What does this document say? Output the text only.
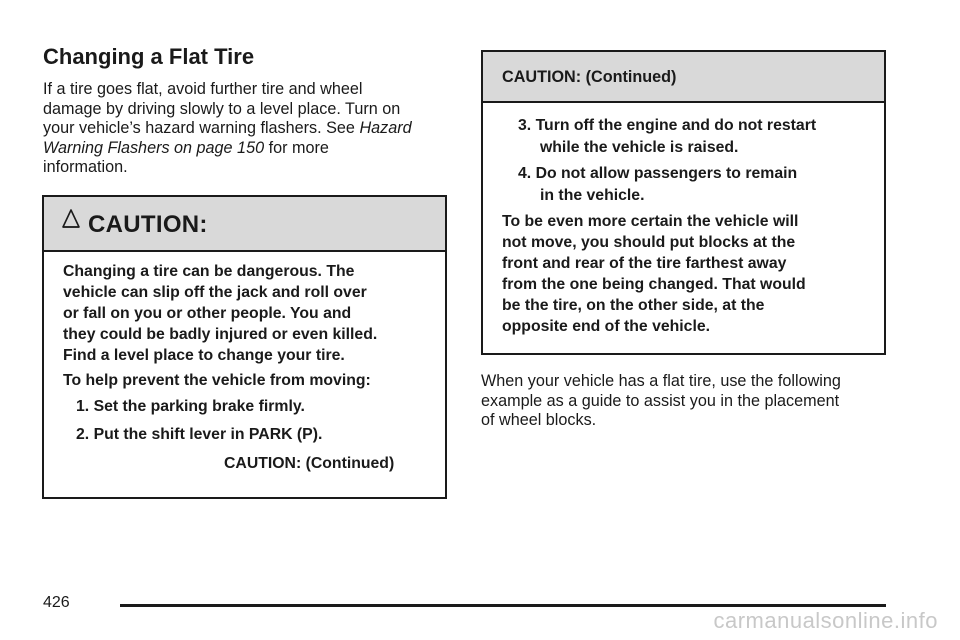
Changing a Flat Tire
If a tire goes flat, avoid further tire and wheel
damage by driving slowly to a level place. Turn on
your vehicle’s hazard warning flashers. See Hazard
Warning Flashers on page 150 for more
information.
CAUTION:
Changing a tire can be dangerous. The
vehicle can slip off the jack and roll over
or fall on you or other people. You and
they could be badly injured or even killed.
Find a level place to change your tire.
To help prevent the vehicle from moving:
1. Set the parking brake firmly.
2. Put the shift lever in PARK (P).
CAUTION: (Continued)
CAUTION: (Continued)
3. Turn off the engine and do not restart
while the vehicle is raised.
4. Do not allow passengers to remain
in the vehicle.
To be even more certain the vehicle will
not move, you should put blocks at the
front and rear of the tire farthest away
from the one being changed. That would
be the tire, on the other side, at the
opposite end of the vehicle.
When your vehicle has a flat tire, use the following
example as a guide to assist you in the placement
of wheel blocks.
426
carmanualsonline.info
